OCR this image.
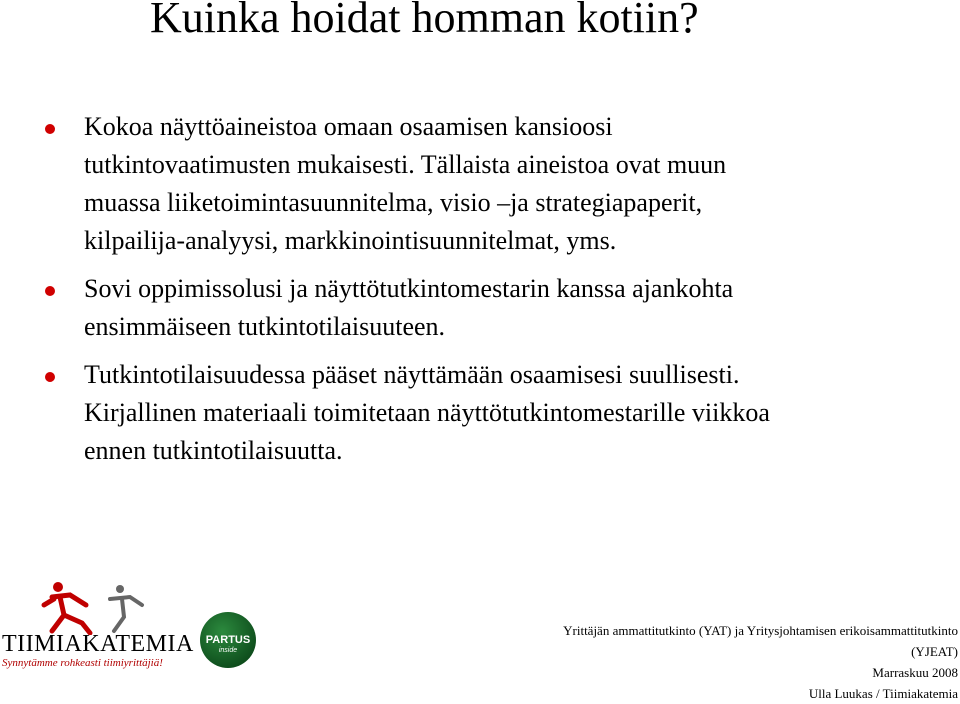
Kuinka hoidat homman kotiin?
Kokoa näyttöaineistoa omaan osaamisen kansioosi
tutkintovaatimusten mukaisesti. Tällaista aineistoa ovat muun
muassa liiketoimintasuunnitelma, visio –ja strategiapaperit,
kilpailija-analyysi, markkinointisuunnitelmat, yms.
Sovi oppimissolusi ja näyttötutkintomestarin kanssa ajankohta
ensimmäiseen tutkintotilaisuuteen.
Tutkintotilaisuudessa pääset näyttämään osaamisesi suullisesti.
Kirjallinen materiaali toimitetaan näyttötutkintomestarille viikkoa
ennen tutkintotilaisuutta.
TIIMIAKATEMIA
Synnytämme rohkeasti tiimiyrittäjiä!
PARTUS
inside
Yrittäjän ammattitutkinto (YAT) ja Yritysjohtamisen erikoisammattitutkinto
(YJEAT)
Marraskuu 2008
Ulla Luukas / Tiimiakatemia
